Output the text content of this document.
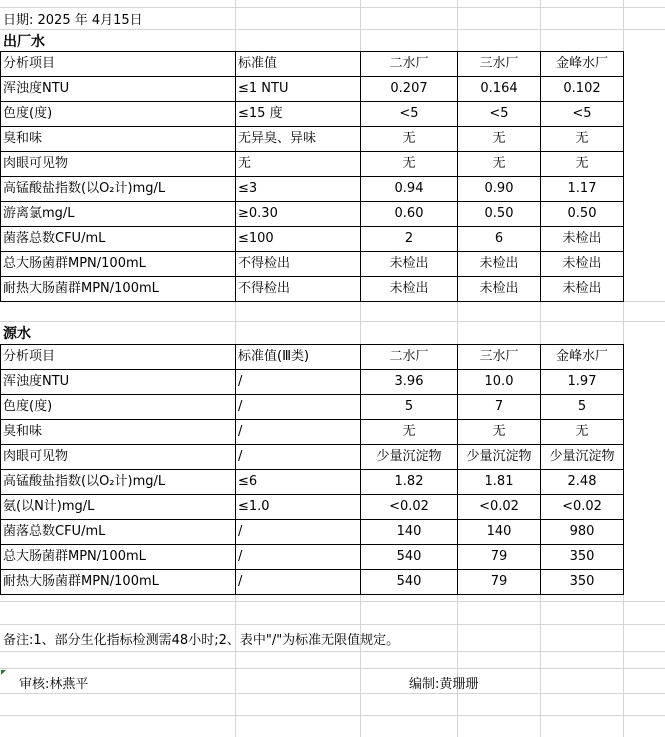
日期: 2025 年 4月15日
出厂水
分析项目	标准值	二水厂	三水厂	金峰水厂
浑浊度NTU	≤1 NTU	0.207	0.164	0.102
色度(度)	≤15 度	<5	<5	<5
臭和味	无异臭、异味	无	无	无
肉眼可见物	无	无	无	无
高锰酸盐指数(以O₂计)mg/L	≤3	0.94	0.90	1.17
游离氯mg/L	≥0.30	0.60	0.50	0.50
菌落总数CFU/mL	≤100	2	6	未检出
总大肠菌群MPN/100mL	不得检出	未检出	未检出	未检出
耐热大肠菌群MPN/100mL	不得检出	未检出	未检出	未检出
源水
分析项目	标准值(Ⅲ类)	二水厂	三水厂	金峰水厂
浑浊度NTU	/	3.96	10.0	1.97
色度(度)	/	5	7	5
臭和味	/	无	无	无
肉眼可见物	/	少量沉淀物	少量沉淀物	少量沉淀物
高锰酸盐指数(以O₂计)mg/L	≤6	1.82	1.81	2.48
氨(以N计)mg/L	≤1.0	<0.02	<0.02	<0.02
菌落总数CFU/mL	/	140	140	980
总大肠菌群MPN/100mL	/	540	79	350
耐热大肠菌群MPN/100mL	/	540	79	350
备注:1、部分生化指标检测需48小时;2、表中"/"为标准无限值规定。
审核:林燕平	编制:黄珊珊
